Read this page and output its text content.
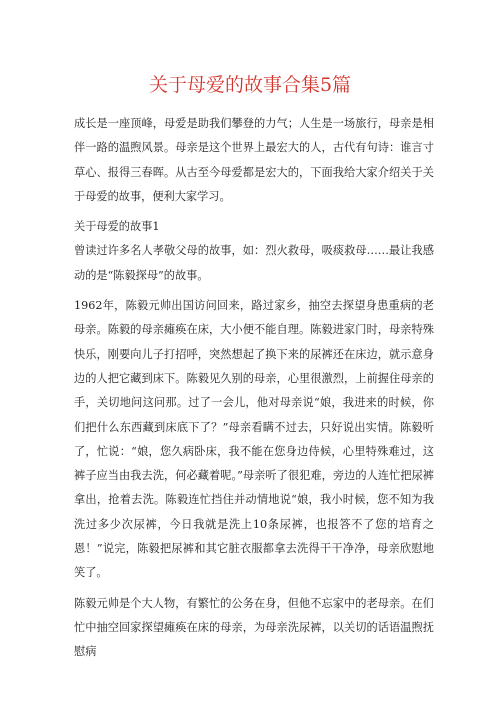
关于母爱的故事合集5篇

成长是一座顶峰，母爱是助我们攀登的力气；人生是一场旅行，母亲是相伴一路的温煦风景。母亲是这个世界上最宏大的人，古代有句诗：谁言寸草心、报得三春晖。从古至今母爱都是宏大的，下面我给大家介绍关于关于母爱的故事，便利大家学习。

关于母爱的故事1

曾读过许多名人孝敬父母的故事，如：烈火救母，吸痰救母……最让我感动的是“陈毅探母”的故事。

1962年，陈毅元帅出国访问回来，路过家乡，抽空去探望身患重病的老母亲。陈毅的母亲瘫痪在床，大小便不能自理。陈毅进家门时，母亲特殊快乐，刚要向儿子打招呼，突然想起了换下来的尿裤还在床边，就示意身边的人把它藏到床下。陈毅见久别的母亲，心里很激烈，上前握住母亲的手，关切地问这问那。过了一会儿，他对母亲说“娘，我进来的时候，你们把什么东西藏到床底下了？”母亲看瞒不过去，只好说出实情。陈毅听了，忙说：“娘，您久病卧床，我不能在您身边侍候，心里特殊难过，这裤子应当由我去洗，何必藏着呢。”母亲听了很犯难，旁边的人连忙把尿裤拿出，抢着去洗。陈毅连忙挡住并动情地说“娘，我小时候，您不知为我洗过多少次尿裤，今日我就是洗上10条尿裤，也报答不了您的培育之恩！”说完，陈毅把尿裤和其它脏衣服都拿去洗得干干净净，母亲欣慰地笑了。

陈毅元帅是个大人物，有繁忙的公务在身，但他不忘家中的老母亲。在们忙中抽空回家探望瘫痪在床的母亲，为母亲洗尿裤，以关切的话语温煦抚慰病
